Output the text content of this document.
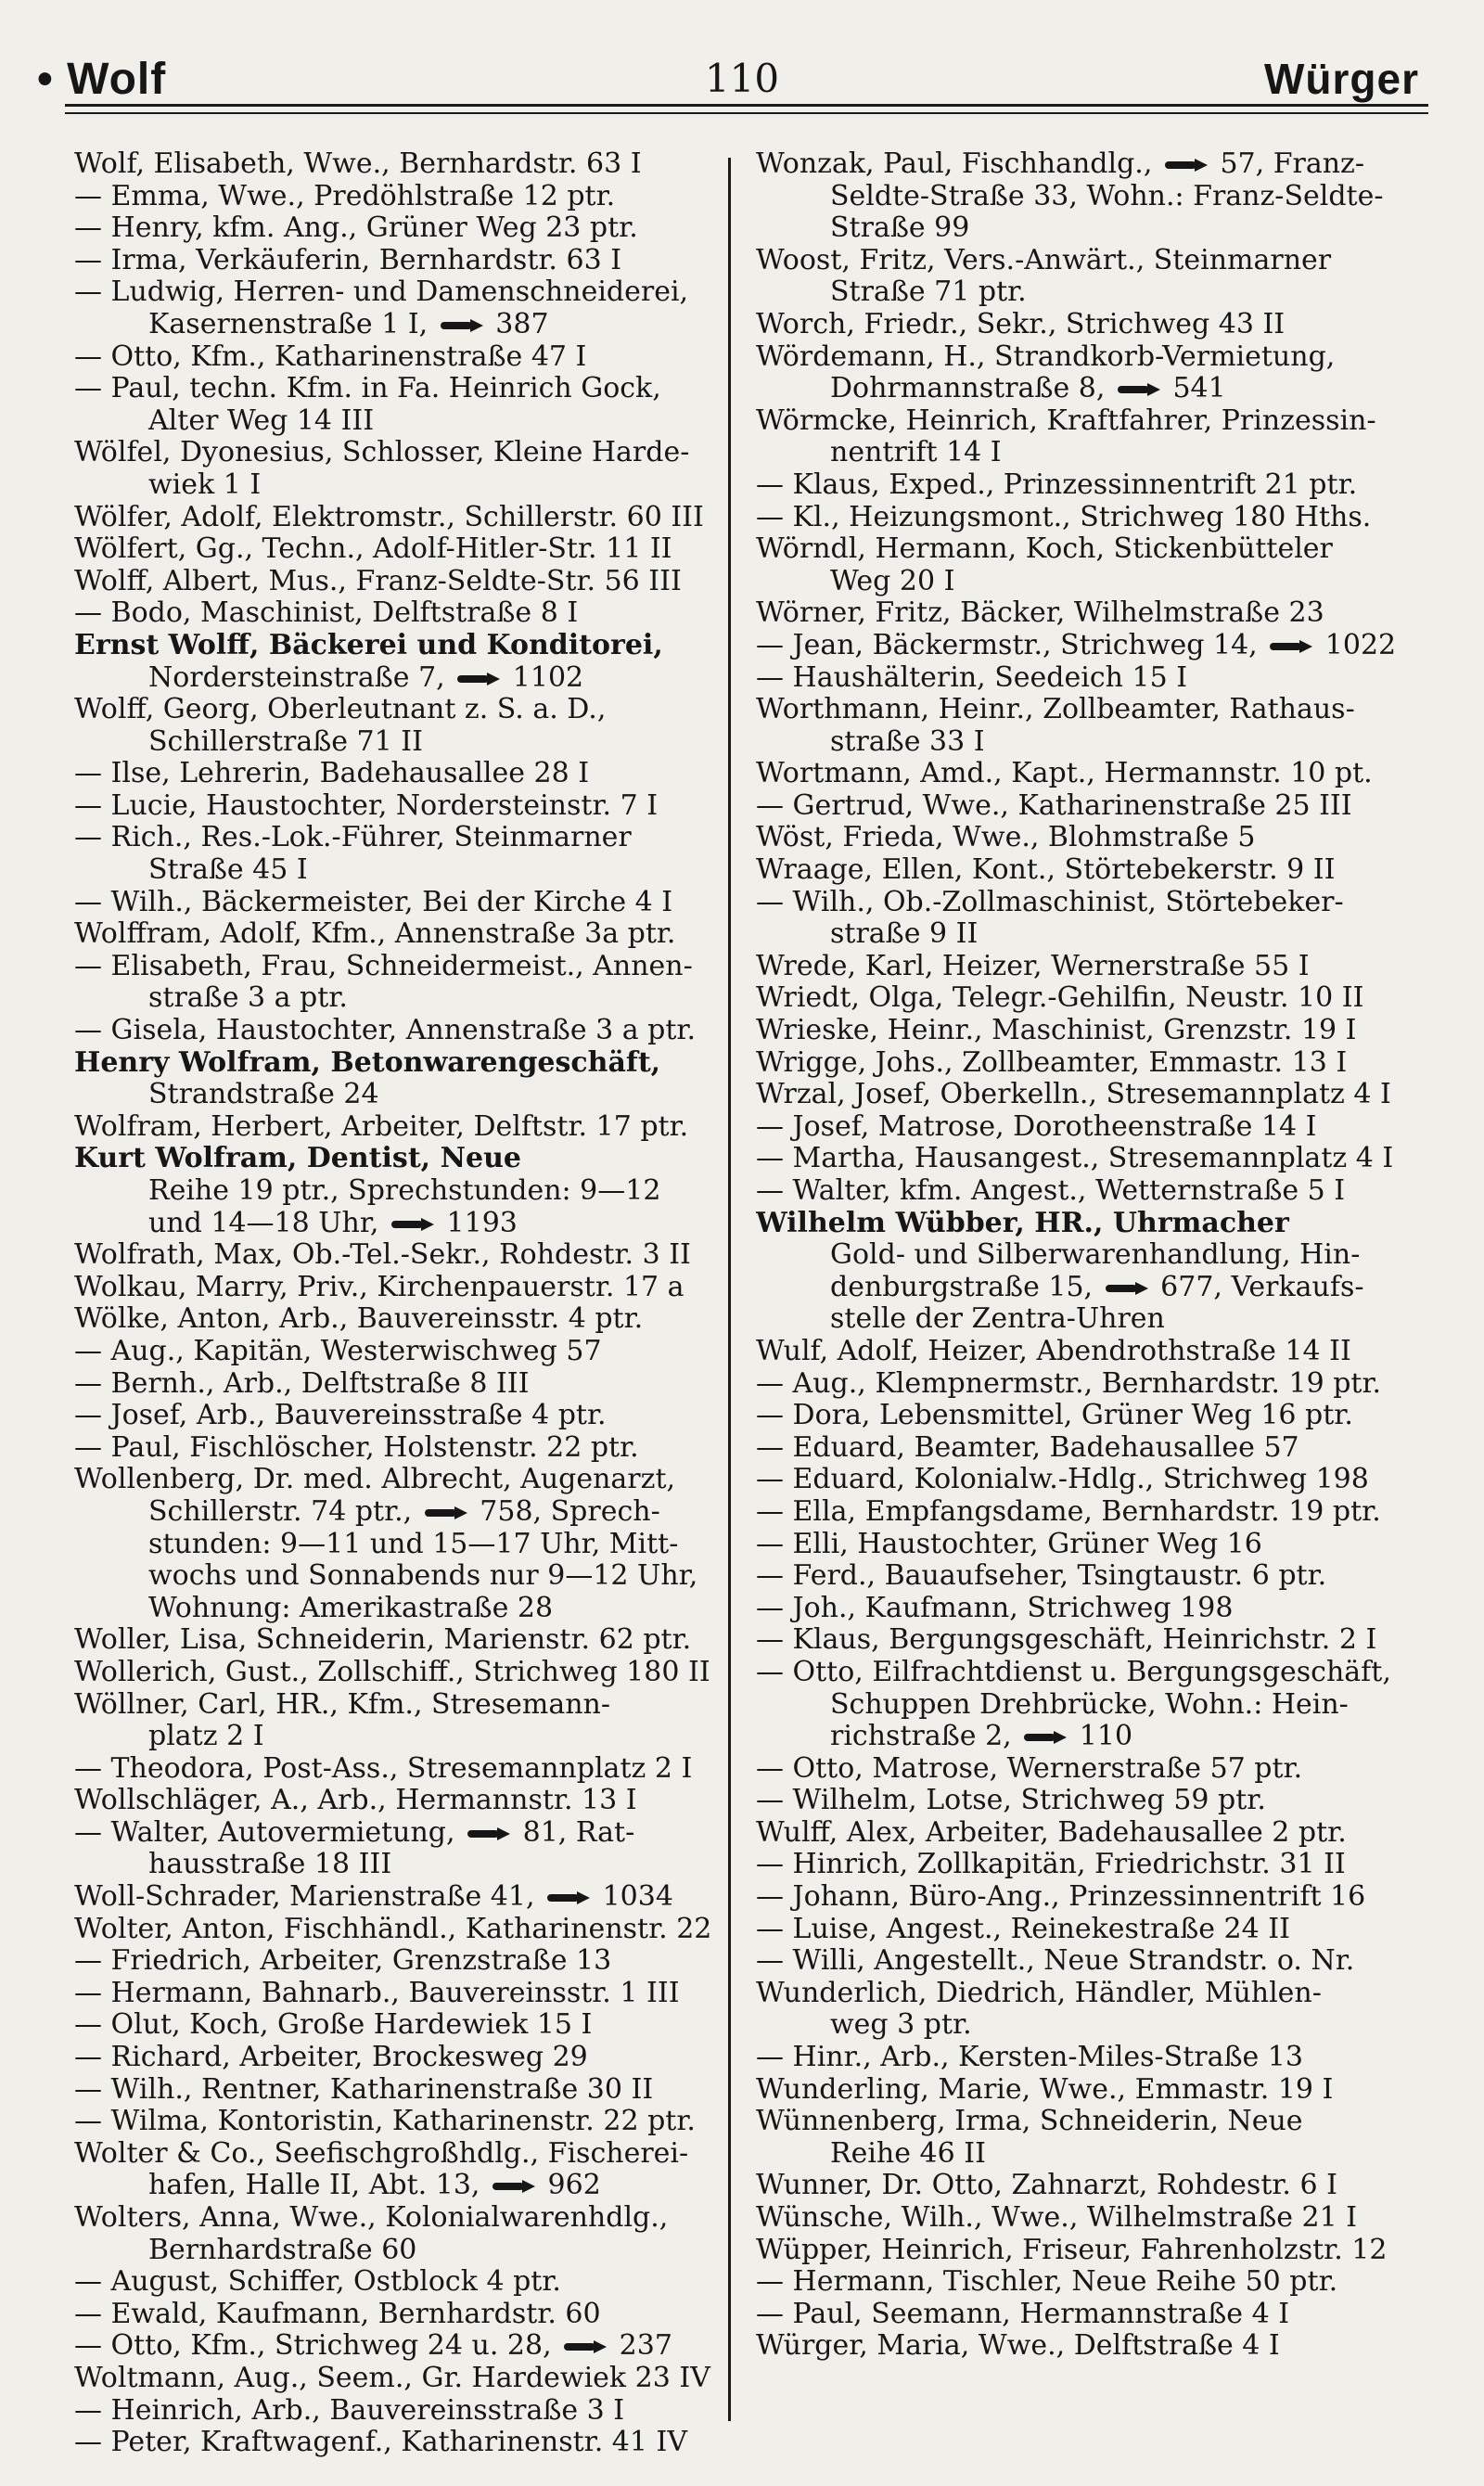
• Wolf	110	Würger
Wolf, Elisabeth, Wwe., Bernhardstr. 63 I
— Emma, Wwe., Predöhlstraße 12 ptr.
— Henry, kfm. Ang., Grüner Weg 23 ptr.
— Irma, Verkäuferin, Bernhardstr. 63 I
— Ludwig, Herren- und Damenschneiderei,
Kasernenstraße 1 I,  387
— Otto, Kfm., Katharinenstraße 47 I
— Paul, techn. Kfm. in Fa. Heinrich Gock,
Alter Weg 14 III
Wölfel, Dyonesius, Schlosser, Kleine Harde-
wiek 1 I
Wölfer, Adolf, Elektromstr., Schillerstr. 60 III
Wölfert, Gg., Techn., Adolf-Hitler-Str. 11 II
Wolff, Albert, Mus., Franz-Seldte-Str. 56 III
— Bodo, Maschinist, Delftstraße 8 I
Ernst Wolff, Bäckerei und Konditorei,
Nordersteinstraße 7,  1102
Wolff, Georg, Oberleutnant z. S. a. D.,
Schillerstraße 71 II
— Ilse, Lehrerin, Badehausallee 28 I
— Lucie, Haustochter, Nordersteinstr. 7 I
— Rich., Res.-Lok.-Führer, Steinmarner
Straße 45 I
— Wilh., Bäckermeister, Bei der Kirche 4 I
Wolffram, Adolf, Kfm., Annenstraße 3a ptr.
— Elisabeth, Frau, Schneidermeist., Annen-
straße 3 a ptr.
— Gisela, Haustochter, Annenstraße 3 a ptr.
Henry Wolfram, Betonwarengeschäft,
Strandstraße 24
Wolfram, Herbert, Arbeiter, Delftstr. 17 ptr.
Kurt Wolfram, Dentist, Neue
Reihe 19 ptr., Sprechstunden: 9—12
und 14—18 Uhr,  1193
Wolfrath, Max, Ob.-Tel.-Sekr., Rohdestr. 3 II
Wolkau, Marry, Priv., Kirchenpauerstr. 17 a
Wölke, Anton, Arb., Bauvereinsstr. 4 ptr.
— Aug., Kapitän, Westerwischweg 57
— Bernh., Arb., Delftstraße 8 III
— Josef, Arb., Bauvereinsstraße 4 ptr.
— Paul, Fischlöscher, Holstenstr. 22 ptr.
Wollenberg, Dr. med. Albrecht, Augenarzt,
Schillerstr. 74 ptr.,  758, Sprech-
stunden: 9—11 und 15—17 Uhr, Mitt-
wochs und Sonnabends nur 9—12 Uhr,
Wohnung: Amerikastraße 28
Woller, Lisa, Schneiderin, Marienstr. 62 ptr.
Wollerich, Gust., Zollschiff., Strichweg 180 II
Wöllner, Carl, HR., Kfm., Stresemann-
platz 2 I
— Theodora, Post-Ass., Stresemannplatz 2 I
Wollschläger, A., Arb., Hermannstr. 13 I
— Walter, Autovermietung,  81, Rat-
hausstraße 18 III
Woll-Schrader, Marienstraße 41,  1034
Wolter, Anton, Fischhändl., Katharinenstr. 22
— Friedrich, Arbeiter, Grenzstraße 13
— Hermann, Bahnarb., Bauvereinsstr. 1 III
— Olut, Koch, Große Hardewiek 15 I
— Richard, Arbeiter, Brockesweg 29
— Wilh., Rentner, Katharinenstraße 30 II
— Wilma, Kontoristin, Katharinenstr. 22 ptr.
Wolter & Co., Seefischgroßhdlg., Fischerei-
hafen, Halle II, Abt. 13,  962
Wolters, Anna, Wwe., Kolonialwarenhdlg.,
Bernhardstraße 60
— August, Schiffer, Ostblock 4 ptr.
— Ewald, Kaufmann, Bernhardstr. 60
— Otto, Kfm., Strichweg 24 u. 28,  237
Woltmann, Aug., Seem., Gr. Hardewiek 23 IV
— Heinrich, Arb., Bauvereinsstraße 3 I
— Peter, Kraftwagenf., Katharinenstr. 41 IV
Wonzak, Paul, Fischhandlg.,  57, Franz-
Seldte-Straße 33, Wohn.: Franz-Seldte-
Straße 99
Woost, Fritz, Vers.-Anwärt., Steinmarner
Straße 71 ptr.
Worch, Friedr., Sekr., Strichweg 43 II
Wördemann, H., Strandkorb-Vermietung,
Dohrmannstraße 8,  541
Wörmcke, Heinrich, Kraftfahrer, Prinzessin-
nentrift 14 I
— Klaus, Exped., Prinzessinnentrift 21 ptr.
— Kl., Heizungsmont., Strichweg 180 Hths.
Wörndl, Hermann, Koch, Stickenbütteler
Weg 20 I
Wörner, Fritz, Bäcker, Wilhelmstraße 23
— Jean, Bäckermstr., Strichweg 14,  1022
— Haushälterin, Seedeich 15 I
Worthmann, Heinr., Zollbeamter, Rathaus-
straße 33 I
Wortmann, Amd., Kapt., Hermannstr. 10 pt.
— Gertrud, Wwe., Katharinenstraße 25 III
Wöst, Frieda, Wwe., Blohmstraße 5
Wraage, Ellen, Kont., Störtebekerstr. 9 II
— Wilh., Ob.-Zollmaschinist, Störtebeker-
straße 9 II
Wrede, Karl, Heizer, Wernerstraße 55 I
Wriedt, Olga, Telegr.-Gehilfin, Neustr. 10 II
Wrieske, Heinr., Maschinist, Grenzstr. 19 I
Wrigge, Johs., Zollbeamter, Emmastr. 13 I
Wrzal, Josef, Oberkelln., Stresemannplatz 4 I
— Josef, Matrose, Dorotheenstraße 14 I
— Martha, Hausangest., Stresemannplatz 4 I
— Walter, kfm. Angest., Wetternstraße 5 I
Wilhelm Wübber, HR., Uhrmacher
Gold- und Silberwarenhandlung, Hin-
denburgstraße 15,  677, Verkaufs-
stelle der Zentra-Uhren
Wulf, Adolf, Heizer, Abendrothstraße 14 II
— Aug., Klempnermstr., Bernhardstr. 19 ptr.
— Dora, Lebensmittel, Grüner Weg 16 ptr.
— Eduard, Beamter, Badehausallee 57
— Eduard, Kolonialw.-Hdlg., Strichweg 198
— Ella, Empfangsdame, Bernhardstr. 19 ptr.
— Elli, Haustochter, Grüner Weg 16
— Ferd., Bauaufseher, Tsingtaustr. 6 ptr.
— Joh., Kaufmann, Strichweg 198
— Klaus, Bergungsgeschäft, Heinrichstr. 2 I
— Otto, Eilfrachtdienst u. Bergungsgeschäft,
Schuppen Drehbrücke, Wohn.: Hein-
richstraße 2,  110
— Otto, Matrose, Wernerstraße 57 ptr.
— Wilhelm, Lotse, Strichweg 59 ptr.
Wulff, Alex, Arbeiter, Badehausallee 2 ptr.
— Hinrich, Zollkapitän, Friedrichstr. 31 II
— Johann, Büro-Ang., Prinzessinnentrift 16
— Luise, Angest., Reinekestraße 24 II
— Willi, Angestellt., Neue Strandstr. o. Nr.
Wunderlich, Diedrich, Händler, Mühlen-
weg 3 ptr.
— Hinr., Arb., Kersten-Miles-Straße 13
Wunderling, Marie, Wwe., Emmastr. 19 I
Wünnenberg, Irma, Schneiderin, Neue
Reihe 46 II
Wunner, Dr. Otto, Zahnarzt, Rohdestr. 6 I
Wünsche, Wilh., Wwe., Wilhelmstraße 21 I
Wüpper, Heinrich, Friseur, Fahrenholzstr. 12
— Hermann, Tischler, Neue Reihe 50 ptr.
— Paul, Seemann, Hermannstraße 4 I
Würger, Maria, Wwe., Delftstraße 4 I
